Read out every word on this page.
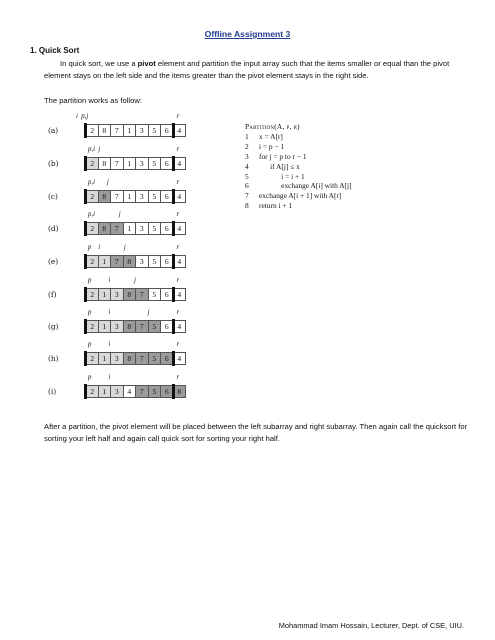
Offline Assignment 3
1. Quick Sort
In quick sort, we use a pivot element and partition the input array such that the items smaller or equal than the pivot element stays on the left side and the items greater than the pivot element stays in the right side.
The partition works as follow:
i  p,j	r
(a)	2	8	7	1	3	5	6	4
p,i  j	r
(b)	2	8	7	1	3	5	6	4
p,i       j	r
(c)	2	8	7	1	3	5	6	4
p,i              j	r
(d)	2	8	7	1	3	5	6	4
p    i              j	r
(e)	2	1	7	8	3	5	6	4
p          i              j	r
(f)	2	1	3	8	7	5	6	4
p          i                      j	r
(g)	2	1	3	8	7	5	6	4
p          i	r
(h)	2	1	3	8	7	5	6	4
p          i	r
(i)	2	1	3	4	7	5	6	8
Partition(A, p, r)
1	x = A[r]
2	i = p − 1
3	for j = p to r − 1
4	if A[j] ≤ x
5	i = i + 1
6	exchange A[i] with A[j]
7	exchange A[i + 1] with A[r]
8	return i + 1
After a partition, the pivot element will be placed between the left subarray and right subarray. Then again call the quicksort for sorting your left half and again call quick sort for sorting your right half.
Mohammad Imam Hossain, Lecturer, Dept. of CSE, UIU.
